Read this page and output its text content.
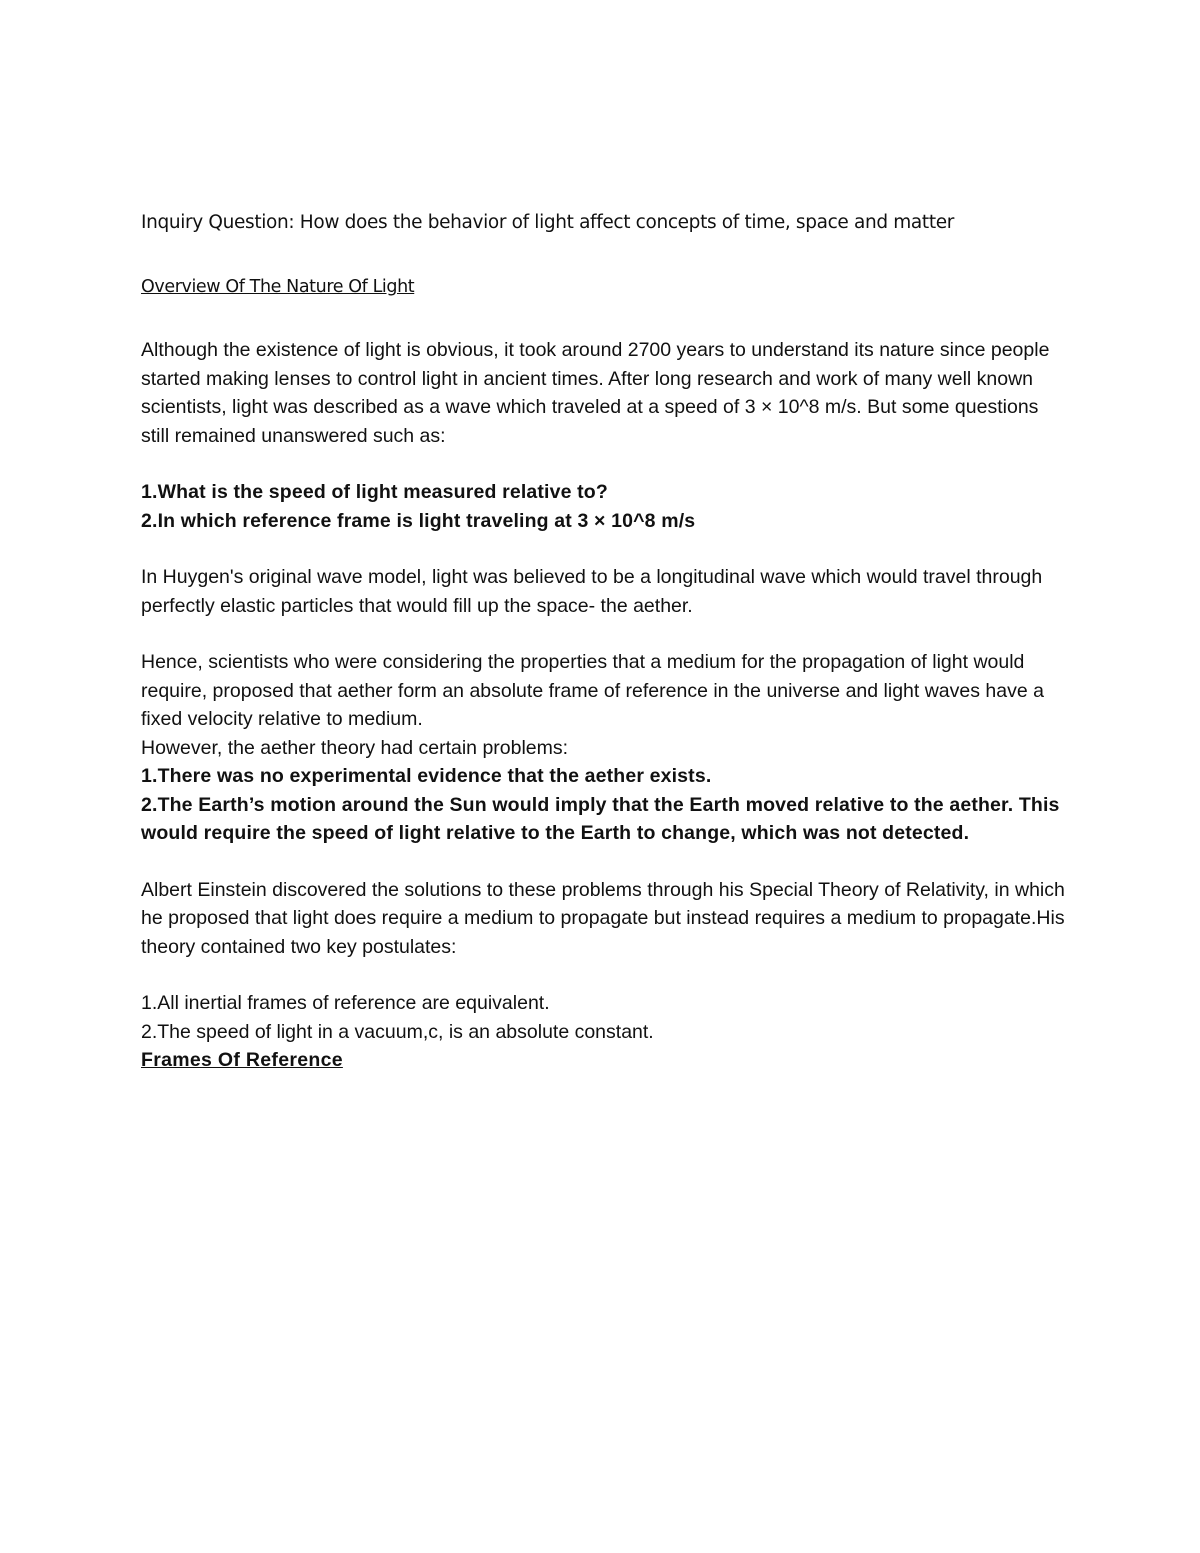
Inquiry Question: How does the behavior of light affect concepts of time, space and matter

Overview Of The Nature Of Light

Although the existence of light is obvious, it took around 2700 years to understand its nature since people started making lenses to control light in ancient times. After long research and work of many well known scientists, light was described as a wave which traveled at a speed of 3 × 10^8 m/s. But some questions still remained unanswered such as:

1.What is the speed of light measured relative to?

2.In which reference frame is light traveling at 3 × 10^8 m/s

In Huygen's original wave model, light was believed to be a longitudinal wave which would travel through perfectly elastic particles that would fill up the space- the aether.

Hence, scientists who were considering the properties that a medium for the propagation of light would require, proposed that aether form an absolute frame of reference in the universe and light waves have a fixed velocity relative to medium.

However, the aether theory had certain problems:

1.There was no experimental evidence that the aether exists.

2.The Earth’s motion around the Sun would imply that the Earth moved relative to the aether. This would require the speed of light relative to the Earth to change, which was not detected.

Albert Einstein discovered the solutions to these problems through his Special Theory of Relativity, in which he proposed that light does require a medium to propagate but instead requires a medium to propagate.His theory contained two key postulates:

1.All inertial frames of reference are equivalent.

2.The speed of light in a vacuum,c, is an absolute constant.

Frames Of Reference
